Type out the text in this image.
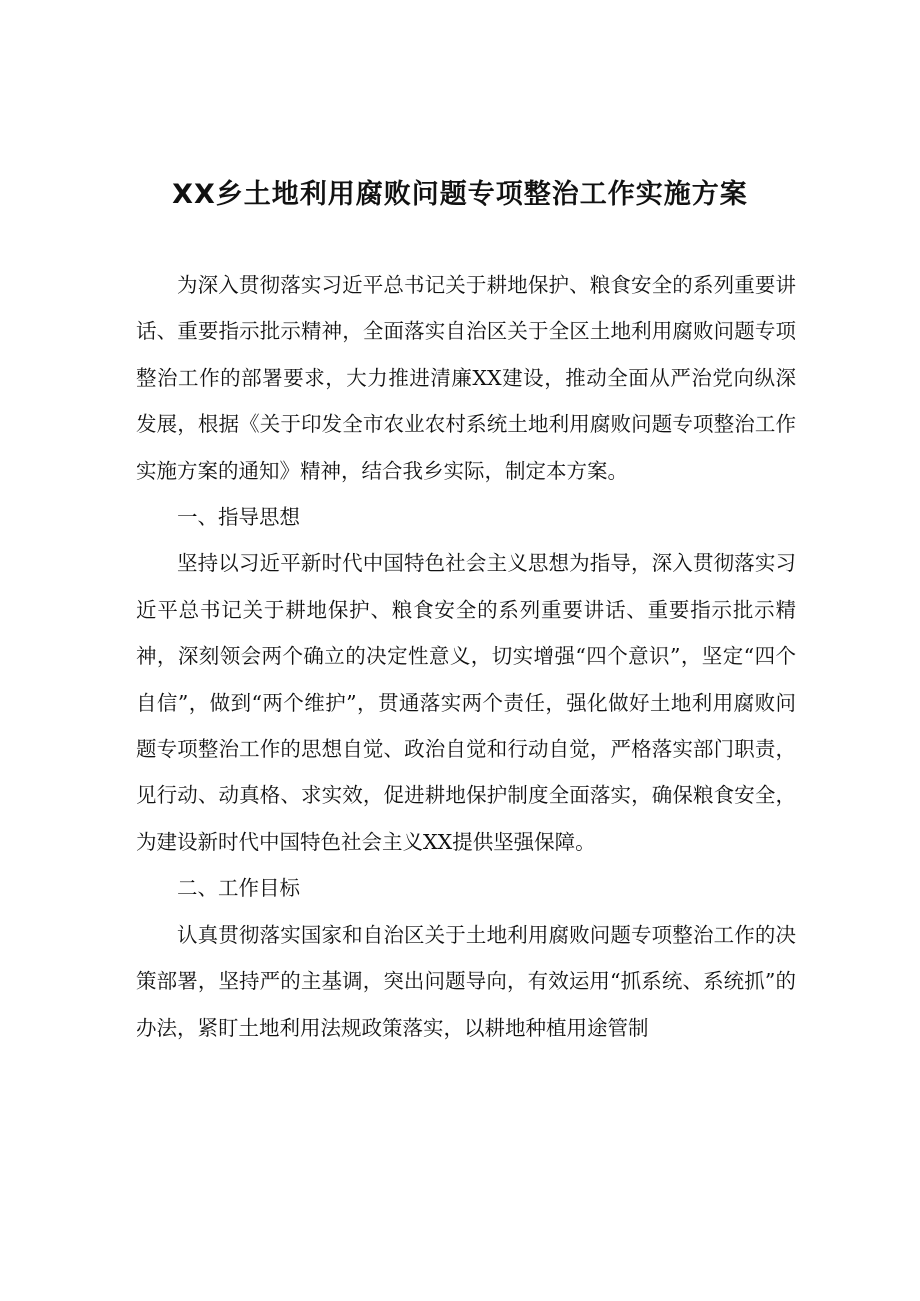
XX乡土地利用腐败问题专项整治工作实施方案

为深入贯彻落实习近平总书记关于耕地保护、粮食安全的系列重要讲话、重要指示批示精神，全面落实自治区关于全区土地利用腐败问题专项整治工作的部署要求，大力推进清廉XX建设，推动全面从严治党向纵深发展，根据《关于印发全市农业农村系统土地利用腐败问题专项整治工作实施方案的通知》精神，结合我乡实际，制定本方案。

一、指导思想

坚持以习近平新时代中国特色社会主义思想为指导，深入贯彻落实习近平总书记关于耕地保护、粮食安全的系列重要讲话、重要指示批示精神，深刻领会两个确立的决定性意义，切实增强“四个意识”，坚定“四个自信”，做到“两个维护”，贯通落实两个责任，强化做好土地利用腐败问题专项整治工作的思想自觉、政治自觉和行动自觉，严格落实部门职责，见行动、动真格、求实效，促进耕地保护制度全面落实，确保粮食安全，为建设新时代中国特色社会主义XX提供坚强保障。

二、工作目标

认真贯彻落实国家和自治区关于土地利用腐败问题专项整治工作的决策部署，坚持严的主基调，突出问题导向，有效运用“抓系统、系统抓”的办法，紧盯土地利用法规政策落实，以耕地种植用途管制
